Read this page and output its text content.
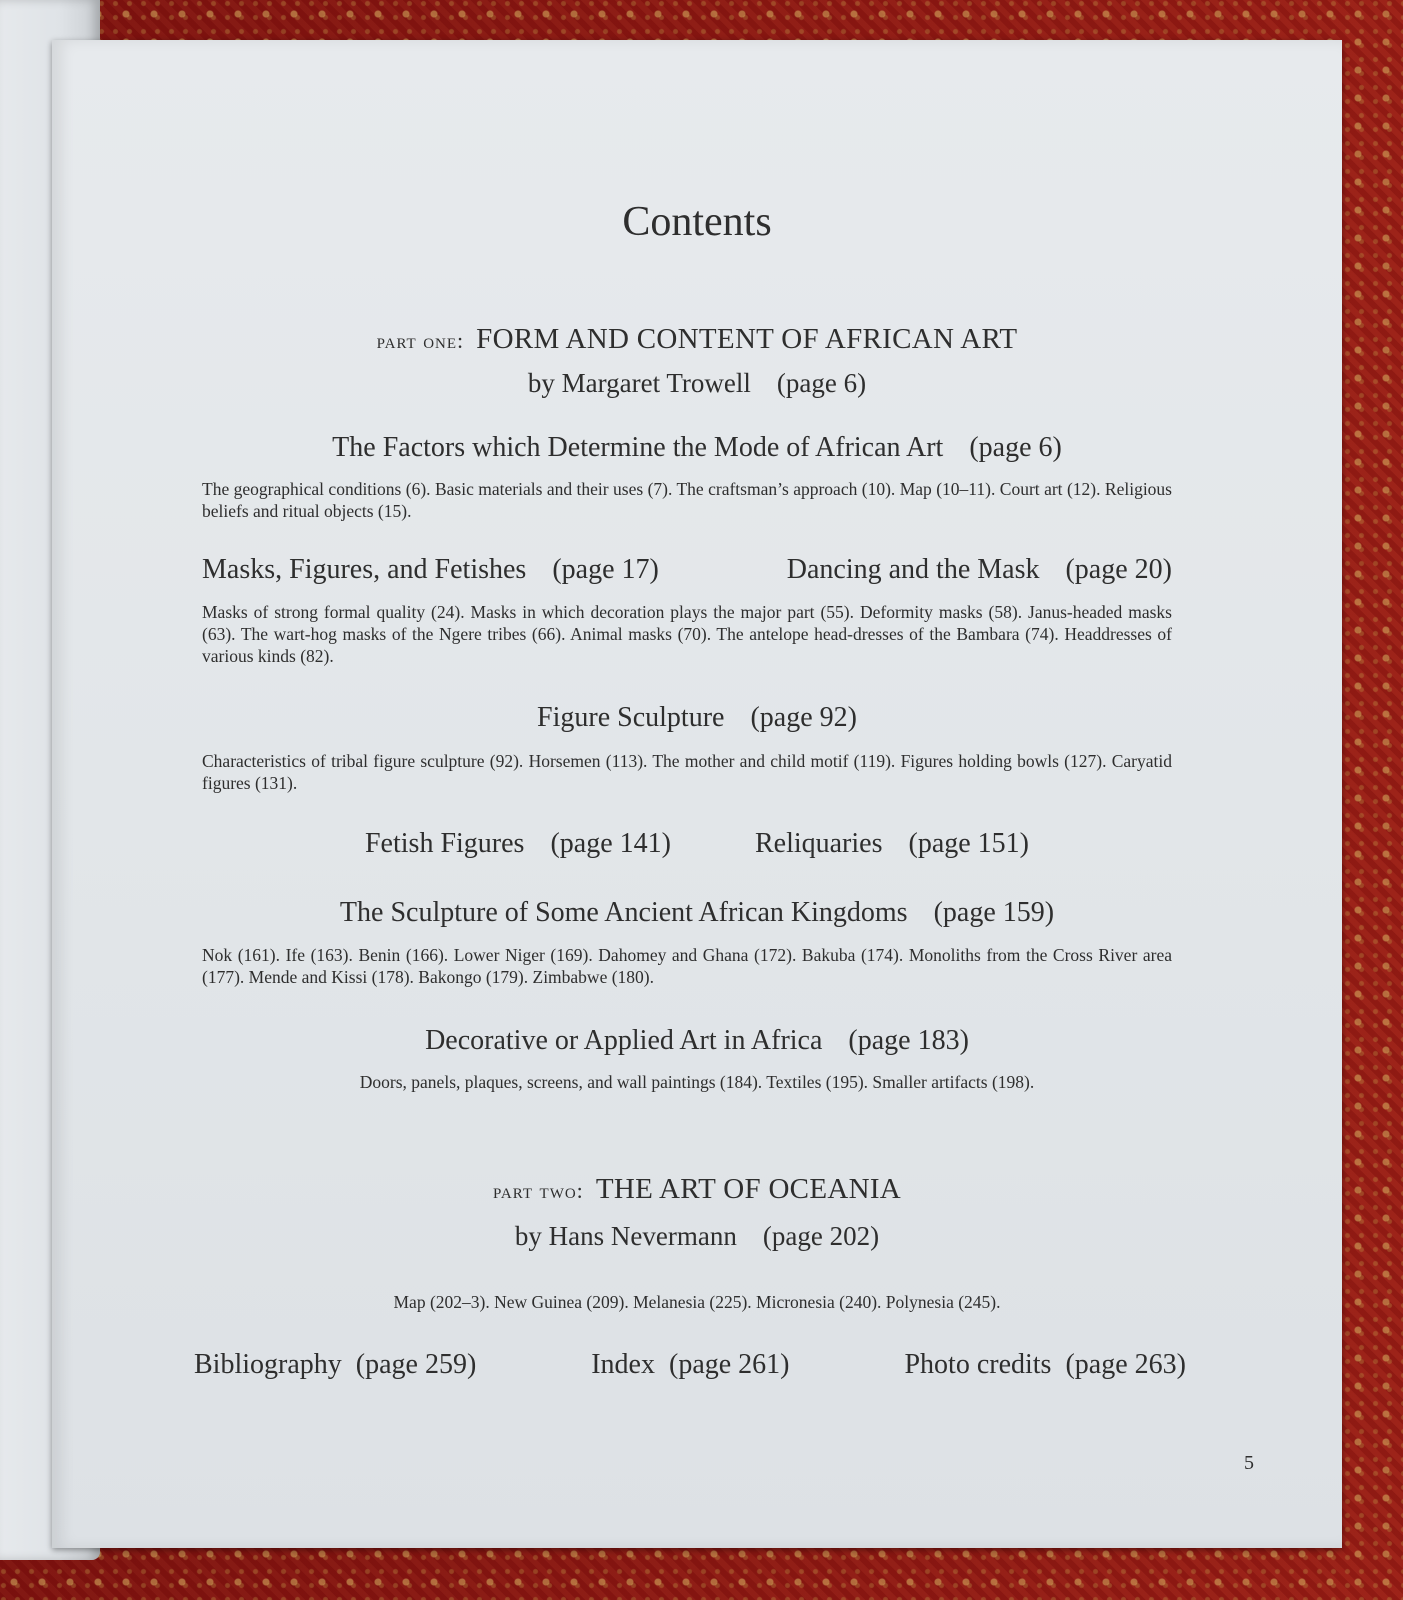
Contents
part one: FORM AND CONTENT OF AFRICAN ART
by Margaret Trowell (page 6)
The Factors which Determine the Mode of African Art (page 6)
The geographical conditions (6). Basic materials and their uses (7). The craftsman’s approach (10). Map (10–11). Court art (12). Religious beliefs and ritual objects (15).
Masks, Figures, and Fetishes (page 17)	Dancing and the Mask (page 20)
Masks of strong formal quality (24). Masks in which decoration plays the major part (55). Deformity masks (58). Janus-headed masks (63). The wart-hog masks of the Ngere tribes (66). Animal masks (70). The antelope head-dresses of the Bambara (74). Headdresses of various kinds (82).
Figure Sculpture (page 92)
Characteristics of tribal figure sculpture (92). Horsemen (113). The mother and child motif (119). Figures holding bowls (127). Caryatid figures (131).
Fetish Figures (page 141)	Reliquaries (page 151)
The Sculpture of Some Ancient African Kingdoms (page 159)
Nok (161). Ife (163). Benin (166). Lower Niger (169). Dahomey and Ghana (172). Bakuba (174). Monoliths from the Cross River area (177). Mende and Kissi (178). Bakongo (179). Zimbabwe (180).
Decorative or Applied Art in Africa (page 183)
Doors, panels, plaques, screens, and wall paintings (184). Textiles (195). Smaller artifacts (198).
part two: THE ART OF OCEANIA
by Hans Nevermann (page 202)
Map (202–3). New Guinea (209). Melanesia (225). Micronesia (240). Polynesia (245).
Bibliography (page 259)	Index (page 261)	Photo credits (page 263)
5
